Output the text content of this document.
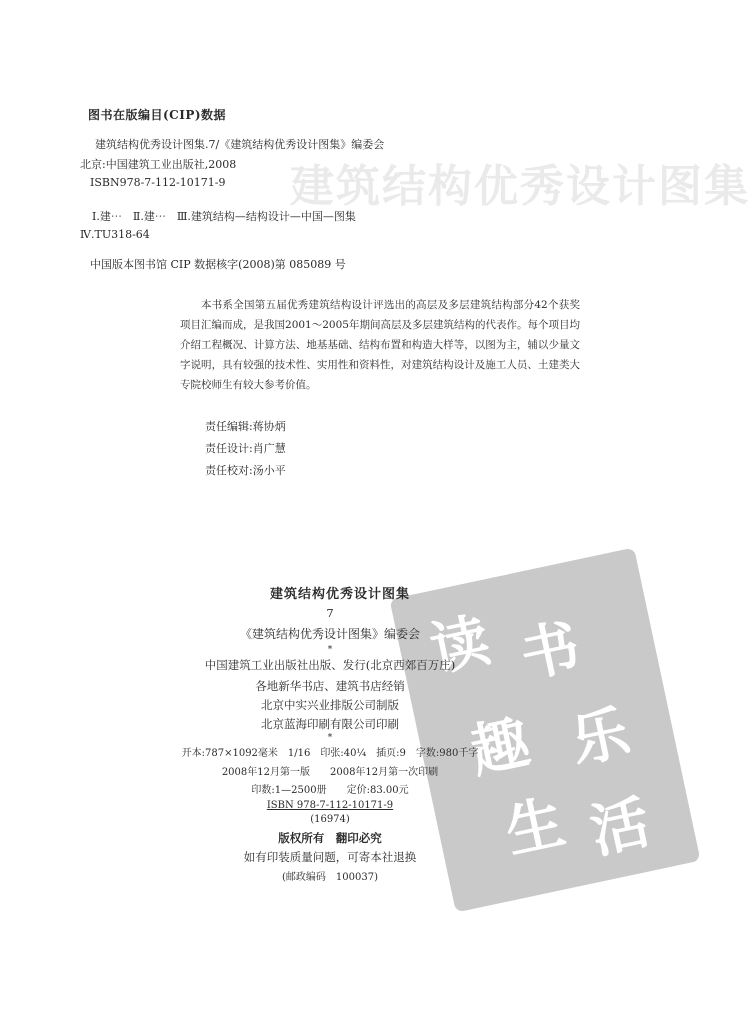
建筑结构优秀设计图集
图书在版编目(CIP)数据
建筑结构优秀设计图集.7/《建筑结构优秀设计图集》编委会
北京:中国建筑工业出版社,2008
ISBN978-7-112-10171-9
Ⅰ.建⋯　Ⅱ.建⋯　Ⅲ.建筑结构—结构设计—中国—图集
Ⅳ.TU318-64
中国版本图书馆 CIP 数据核字(2008)第 085089 号
本书系全国第五届优秀建筑结构设计评选出的高层及多层建筑结构部分42个获奖项目汇编而成，是我国2001～2005年期间高层及多层建筑结构的代表作。每个项目均介绍工程概况、计算方法、地基基础、结构布置和构造大样等，以图为主，辅以少量文字说明，具有较强的技术性、实用性和资料性，对建筑结构设计及施工人员、土建类大专院校师生有较大参考价值。
责任编辑:蒋协炳
责任设计:肖广慧
责任校对:汤小平
读 书
乐
趣
生 活
建筑结构优秀设计图集
7
《建筑结构优秀设计图集》编委会
*
中国建筑工业出版社出版、发行(北京西郊百万庄)
各地新华书店、建筑书店经销
北京中实兴业排版公司制版
北京蓝海印刷有限公司印刷
*
开本:787×1092毫米　1/16　印张:40¼　插页:9　字数:980千字
2008年12月第一版　　2008年12月第一次印刷
印数:1—2500册　　定价:83.00元
ISBN 978-7-112-10171-9
(16974)
版权所有　翻印必究
如有印装质量问题，可寄本社退换
(邮政编码　100037)
